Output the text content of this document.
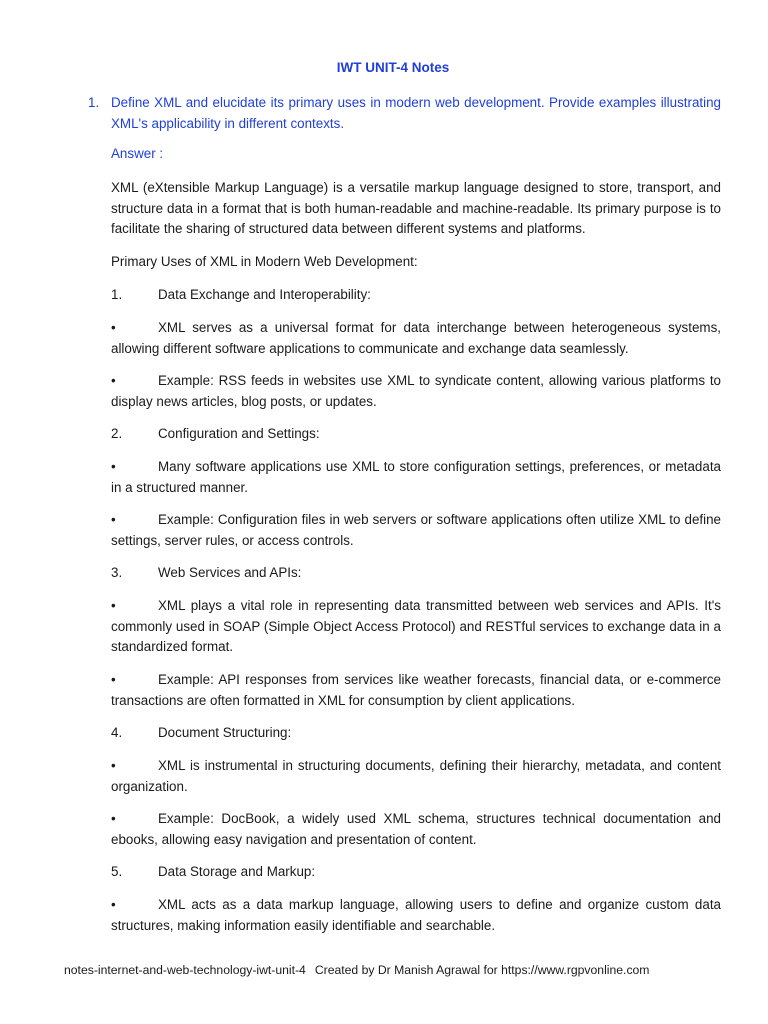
IWT UNIT-4 Notes

1. Define XML and elucidate its primary uses in modern web development. Provide examples illustrating XML's applicability in different contexts.

Answer :

XML (eXtensible Markup Language) is a versatile markup language designed to store, transport, and structure data in a format that is both human-readable and machine-readable. Its primary purpose is to facilitate the sharing of structured data between different systems and platforms.

Primary Uses of XML in Modern Web Development:

1.	Data Exchange and Interoperability:

•	XML serves as a universal format for data interchange between heterogeneous systems, allowing different software applications to communicate and exchange data seamlessly.

•	Example: RSS feeds in websites use XML to syndicate content, allowing various platforms to display news articles, blog posts, or updates.

2.	Configuration and Settings:

•	Many software applications use XML to store configuration settings, preferences, or metadata in a structured manner.

•	Example: Configuration files in web servers or software applications often utilize XML to define settings, server rules, or access controls.

3.	Web Services and APIs:

•	XML plays a vital role in representing data transmitted between web services and APIs. It's commonly used in SOAP (Simple Object Access Protocol) and RESTful services to exchange data in a standardized format.

•	Example: API responses from services like weather forecasts, financial data, or e-commerce transactions are often formatted in XML for consumption by client applications.

4.	Document Structuring:

•	XML is instrumental in structuring documents, defining their hierarchy, metadata, and content organization.

•	Example: DocBook, a widely used XML schema, structures technical documentation and ebooks, allowing easy navigation and presentation of content.

5.	Data Storage and Markup:

•	XML acts as a data markup language, allowing users to define and organize custom data structures, making information easily identifiable and searchable.

notes-internet-and-web-technology-iwt-unit-4 Created by Dr Manish Agrawal for https://www.rgpvonline.com
